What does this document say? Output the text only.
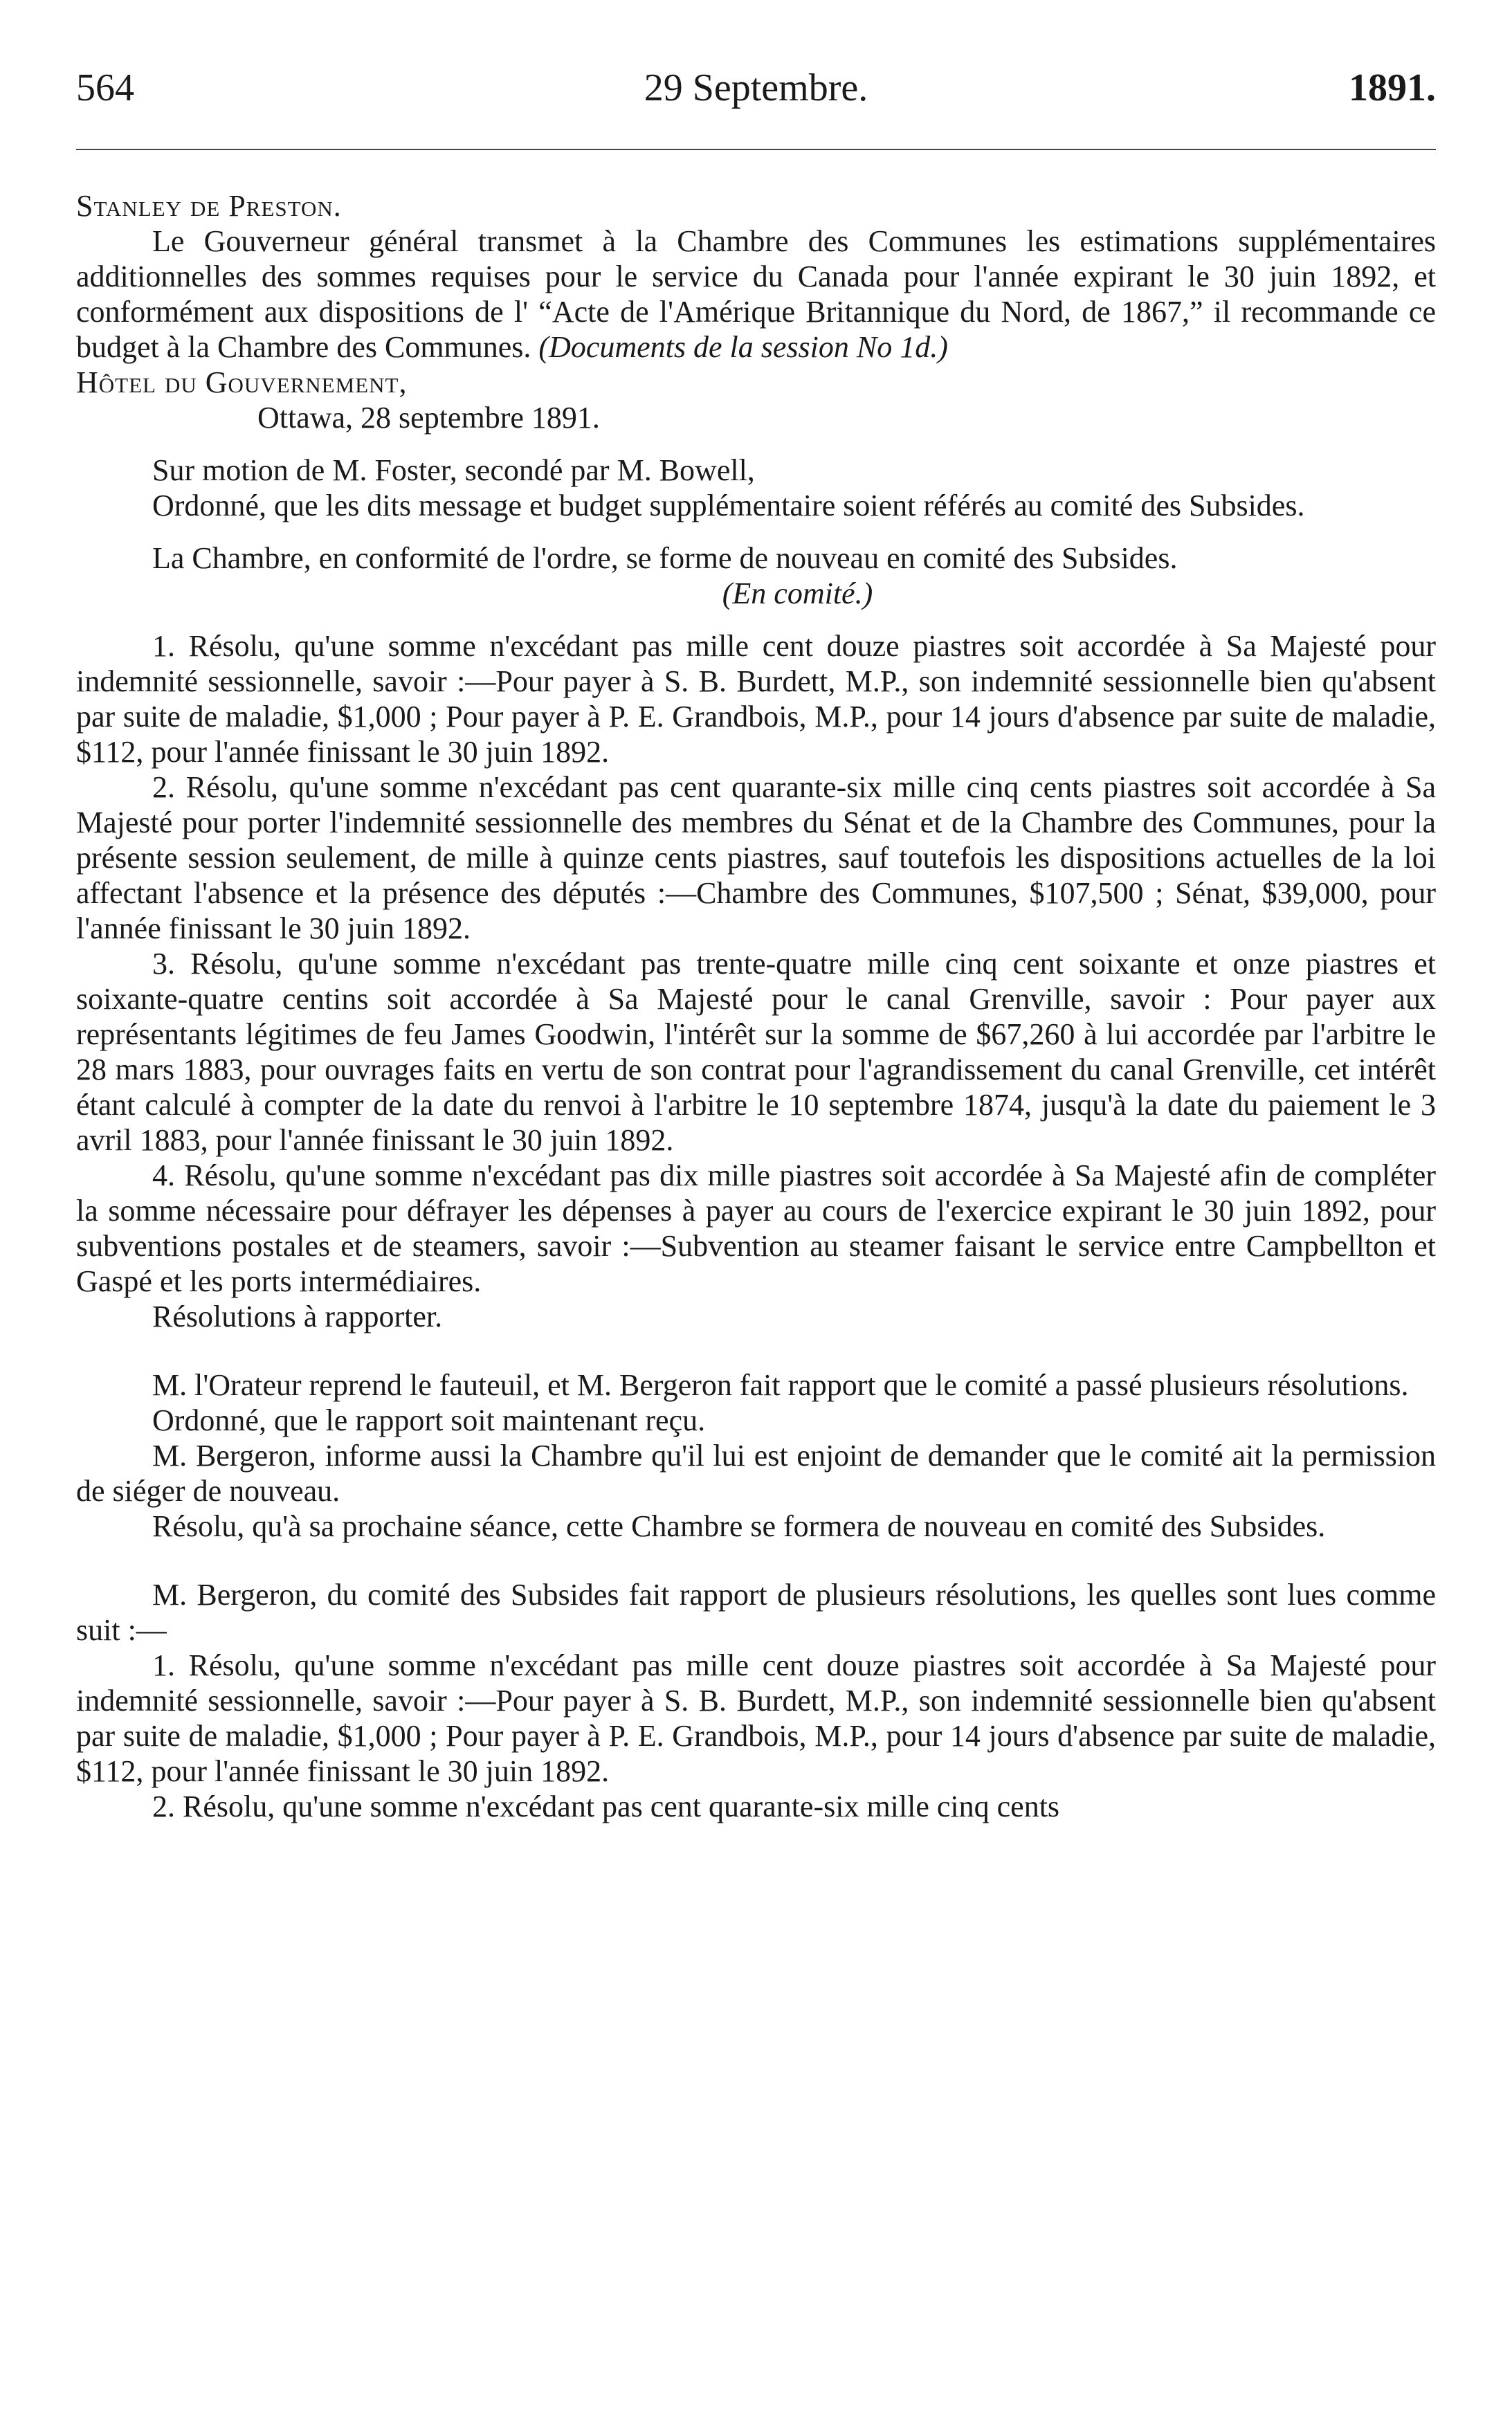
564	29 Septembre.	1891.

Stanley de Preston.

Le Gouverneur général transmet à la Chambre des Communes les estimations supplémentaires additionnelles des sommes requises pour le service du Canada pour l'année expirant le 30 juin 1892, et conformément aux dispositions de l' “Acte de l'Amérique Britannique du Nord, de 1867,” il recommande ce budget à la Chambre des Communes. (Documents de la session No 1d.)

Hôtel du Gouvernement,

Ottawa, 28 septembre 1891.

Sur motion de M. Foster, secondé par M. Bowell,

Ordonné, que les dits message et budget supplémentaire soient référés au comité des Subsides.

La Chambre, en conformité de l'ordre, se forme de nouveau en comité des Subsides.

(En comité.)

1. Résolu, qu'une somme n'excédant pas mille cent douze piastres soit accordée à Sa Majesté pour indemnité sessionnelle, savoir :—Pour payer à S. B. Burdett, M.P., son indemnité sessionnelle bien qu'absent par suite de maladie, $1,000 ; Pour payer à P. E. Grandbois, M.P., pour 14 jours d'absence par suite de maladie, $112, pour l'année finissant le 30 juin 1892.

2. Résolu, qu'une somme n'excédant pas cent quarante-six mille cinq cents piastres soit accordée à Sa Majesté pour porter l'indemnité sessionnelle des membres du Sénat et de la Chambre des Communes, pour la présente session seulement, de mille à quinze cents piastres, sauf toutefois les dispositions actuelles de la loi affectant l'absence et la présence des députés :—Chambre des Communes, $107,500 ; Sénat, $39,000, pour l'année finissant le 30 juin 1892.

3. Résolu, qu'une somme n'excédant pas trente-quatre mille cinq cent soixante et onze piastres et soixante-quatre centins soit accordée à Sa Majesté pour le canal Grenville, savoir : Pour payer aux représentants légitimes de feu James Goodwin, l'intérêt sur la somme de $67,260 à lui accordée par l'arbitre le 28 mars 1883, pour ouvrages faits en vertu de son contrat pour l'agrandissement du canal Grenville, cet intérêt étant calculé à compter de la date du renvoi à l'arbitre le 10 septembre 1874, jusqu'à la date du paiement le 3 avril 1883, pour l'année finissant le 30 juin 1892.

4. Résolu, qu'une somme n'excédant pas dix mille piastres soit accordée à Sa Majesté afin de compléter la somme nécessaire pour défrayer les dépenses à payer au cours de l'exercice expirant le 30 juin 1892, pour subventions postales et de steamers, savoir :—Subvention au steamer faisant le service entre Campbellton et Gaspé et les ports intermédiaires.

Résolutions à rapporter.

M. l'Orateur reprend le fauteuil, et M. Bergeron fait rapport que le comité a passé plusieurs résolutions.

Ordonné, que le rapport soit maintenant reçu.

M. Bergeron, informe aussi la Chambre qu'il lui est enjoint de demander que le comité ait la permission de siéger de nouveau.

Résolu, qu'à sa prochaine séance, cette Chambre se formera de nouveau en comité des Subsides.

M. Bergeron, du comité des Subsides fait rapport de plusieurs résolutions, les quelles sont lues comme suit :—

1. Résolu, qu'une somme n'excédant pas mille cent douze piastres soit accordée à Sa Majesté pour indemnité sessionnelle, savoir :—Pour payer à S. B. Burdett, M.P., son indemnité sessionnelle bien qu'absent par suite de maladie, $1,000 ; Pour payer à P. E. Grandbois, M.P., pour 14 jours d'absence par suite de maladie, $112, pour l'année finissant le 30 juin 1892.

2. Résolu, qu'une somme n'excédant pas cent quarante-six mille cinq cents
